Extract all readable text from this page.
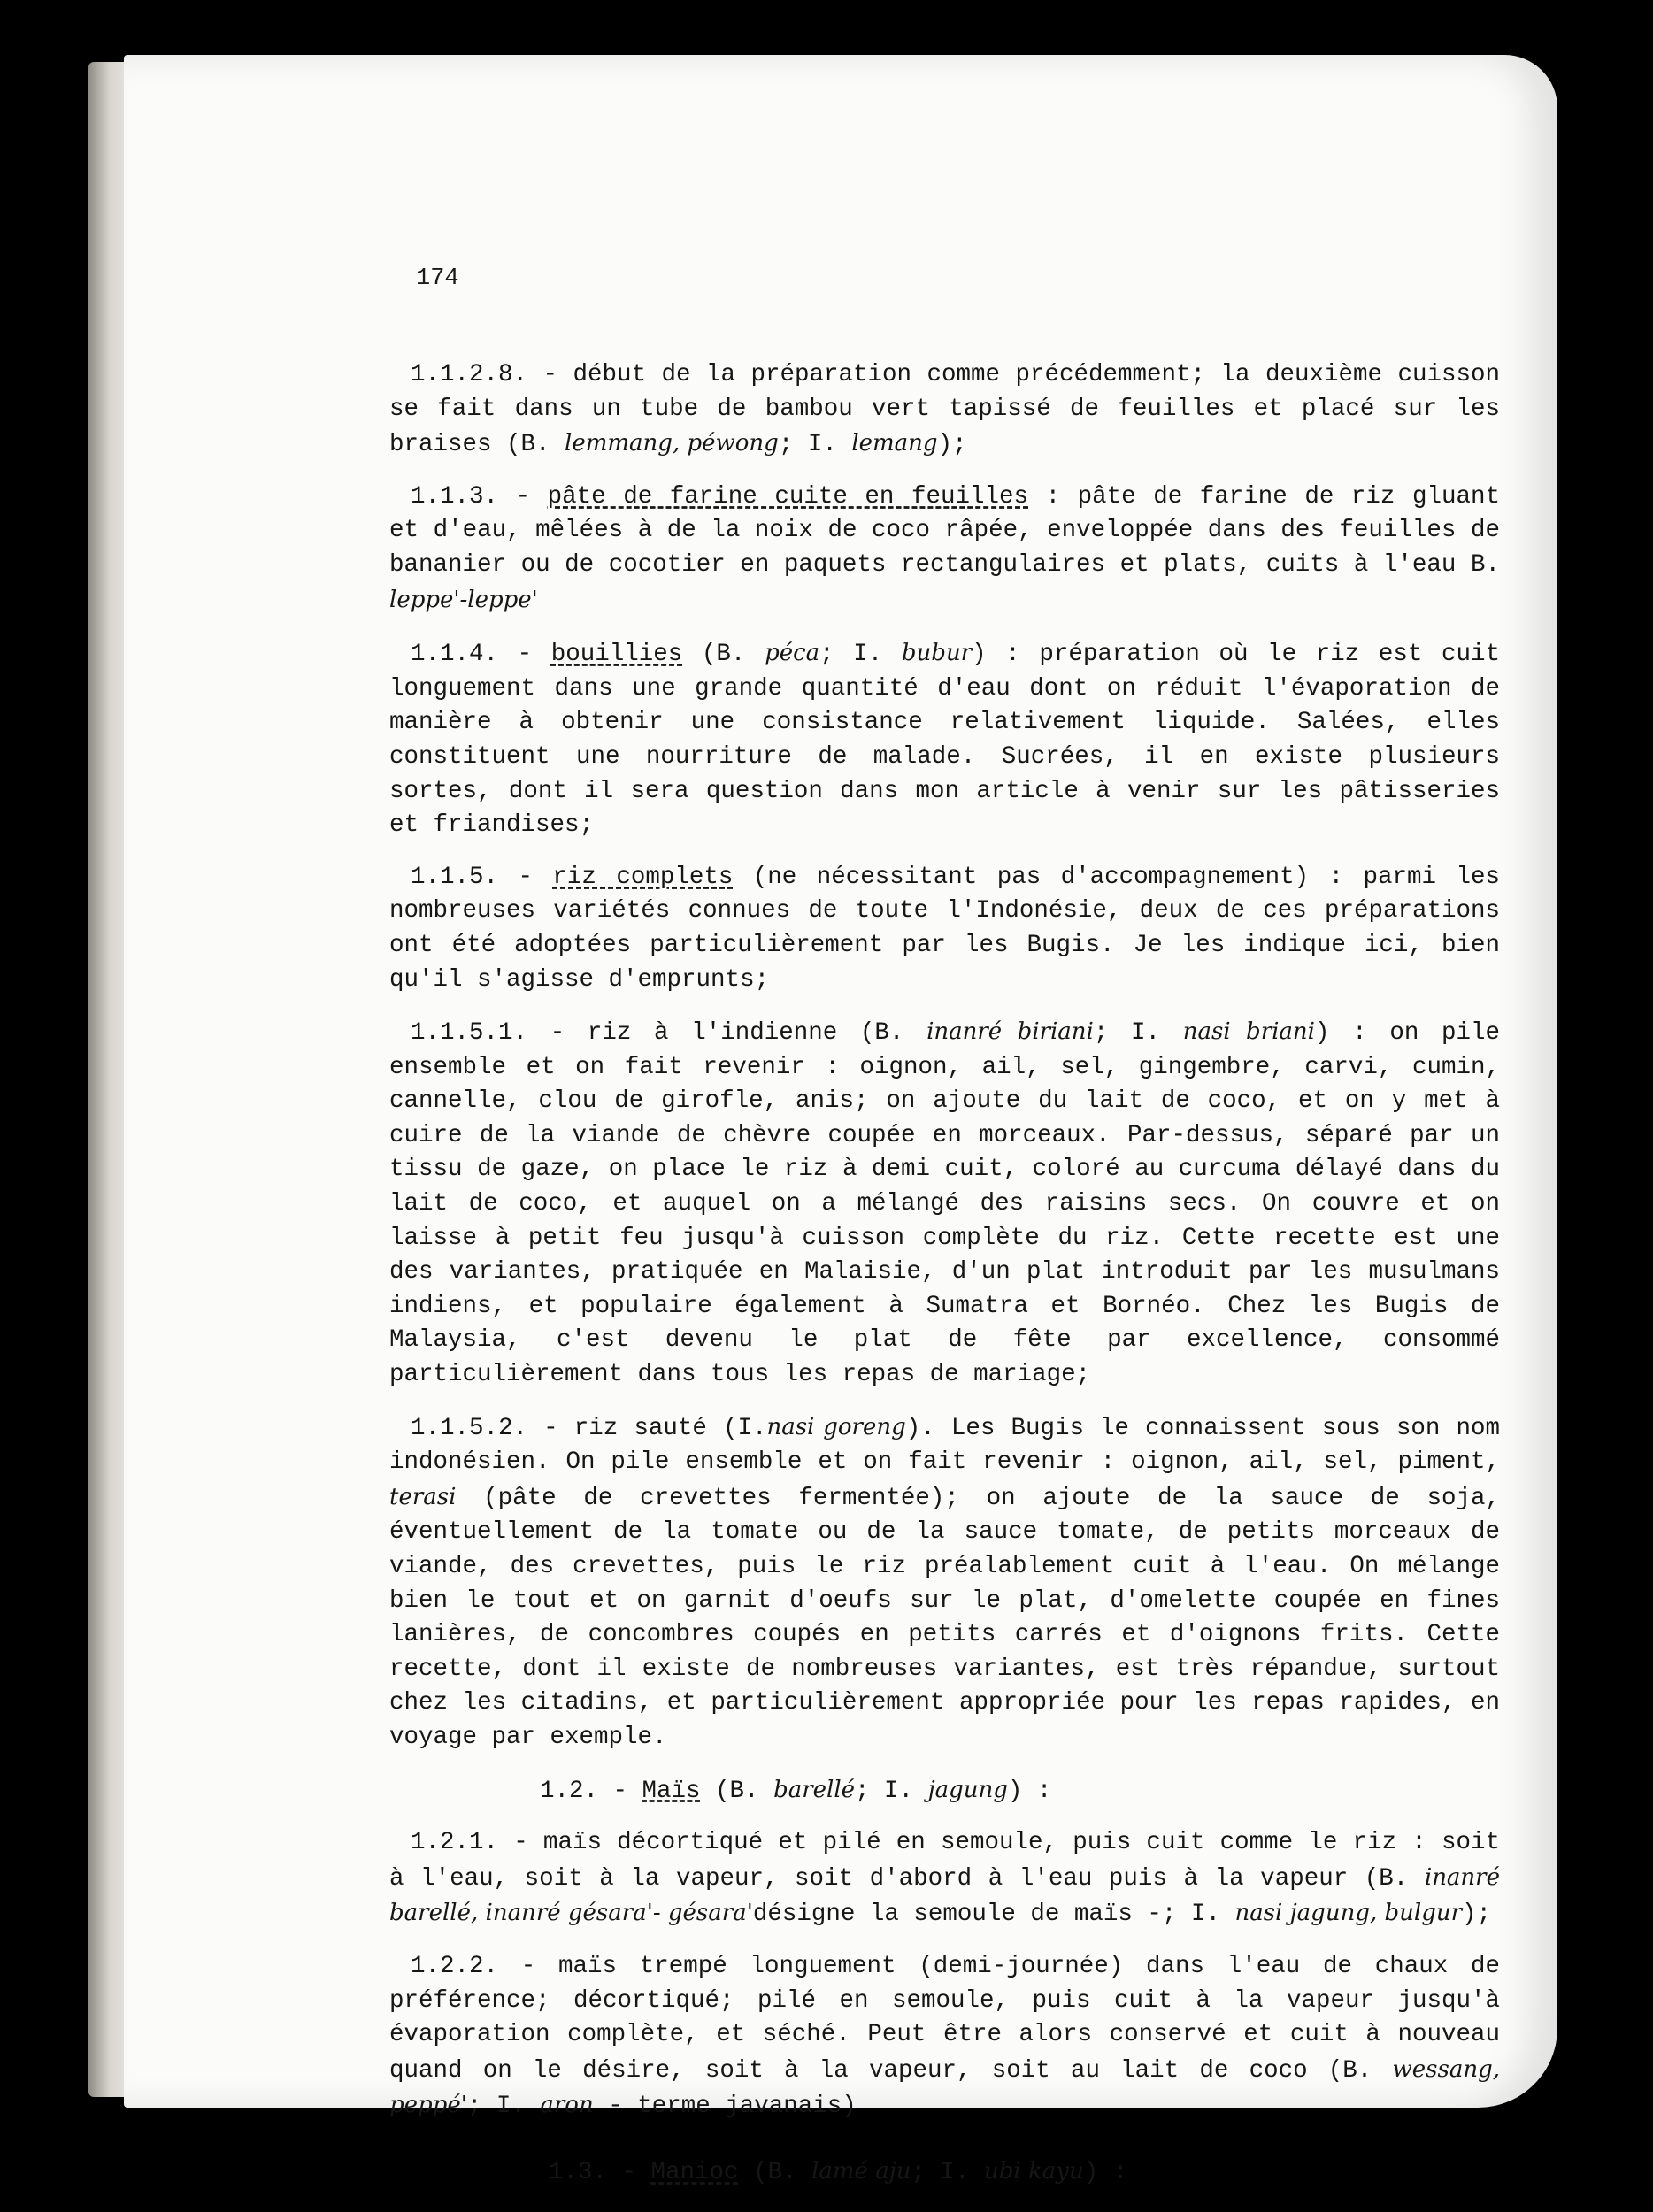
174

1.1.2.8. - début de la préparation comme précédemment; la deuxième cuisson se fait dans un tube de bambou vert tapissé de feuilles et placé sur les braises (B. lemmang, péwong; I. lemang);

1.1.3. - pâte de farine cuite en feuilles : pâte de farine de riz gluant et d'eau, mêlées à de la noix de coco râpée, enveloppée dans des feuilles de bananier ou de cocotier en paquets rectangulaires et plats, cuits à l'eau B. leppe'-leppe'

1.1.4. - bouillies (B. péca; I. bubur) : préparation où le riz est cuit longuement dans une grande quantité d'eau dont on réduit l'évaporation de manière à obtenir une consistance relativement liquide. Salées, elles constituent une nourriture de malade. Sucrées, il en existe plusieurs sortes, dont il sera question dans mon article à venir sur les pâtisseries et friandises;

1.1.5. - riz complets (ne nécessitant pas d'accompagnement) : parmi les nombreuses variétés connues de toute l'Indonésie, deux de ces préparations ont été adoptées particulièrement par les Bugis. Je les indique ici, bien qu'il s'agisse d'emprunts;

1.1.5.1. - riz à l'indienne (B. inanré biriani; I. nasi briani) : on pile ensemble et on fait revenir : oignon, ail, sel, gingembre, carvi, cumin, cannelle, clou de girofle, anis; on ajoute du lait de coco, et on y met à cuire de la viande de chèvre coupée en morceaux. Par-dessus, séparé par un tissu de gaze, on place le riz à demi cuit, coloré au curcuma délayé dans du lait de coco, et auquel on a mélangé des raisins secs. On couvre et on laisse à petit feu jusqu'à cuisson complète du riz. Cette recette est une des variantes, pratiquée en Malaisie, d'un plat introduit par les musulmans indiens, et populaire également à Sumatra et Bornéo. Chez les Bugis de Malaysia, c'est devenu le plat de fête par excellence, consommé particulièrement dans tous les repas de mariage;

1.1.5.2. - riz sauté (I.nasi goreng). Les Bugis le connaissent sous son nom indonésien. On pile ensemble et on fait revenir : oignon, ail, sel, piment, terasi (pâte de crevettes fermentée); on ajoute de la sauce de soja, éventuellement de la tomate ou de la sauce tomate, de petits morceaux de viande, des crevettes, puis le riz préalablement cuit à l'eau. On mélange bien le tout et on garnit d'oeufs sur le plat, d'omelette coupée en fines lanières, de concombres coupés en petits carrés et d'oignons frits. Cette recette, dont il existe de nombreuses variantes, est très répandue, surtout chez les citadins, et particulièrement appropriée pour les repas rapides, en voyage par exemple.

1.2. - Maïs (B. barellé; I. jagung) :

1.2.1. - maïs décortiqué et pilé en semoule, puis cuit comme le riz : soit à l'eau, soit à la vapeur, soit d'abord à l'eau puis à la vapeur (B. inanré barellé, inanré gésara'- gésara'désigne la semoule de maïs -; I. nasi jagung, bulgur);

1.2.2. - maïs trempé longuement (demi-journée) dans l'eau de chaux de préférence; décortiqué; pilé en semoule, puis cuit à la vapeur jusqu'à évaporation complète, et séché. Peut être alors conservé et cuit à nouveau quand on le désire, soit à la vapeur, soit au lait de coco (B. wessang, peppé'; I. aron - terme javanais)

1.3. - Manioc (B. lamé aju; I. ubi kayu) :
